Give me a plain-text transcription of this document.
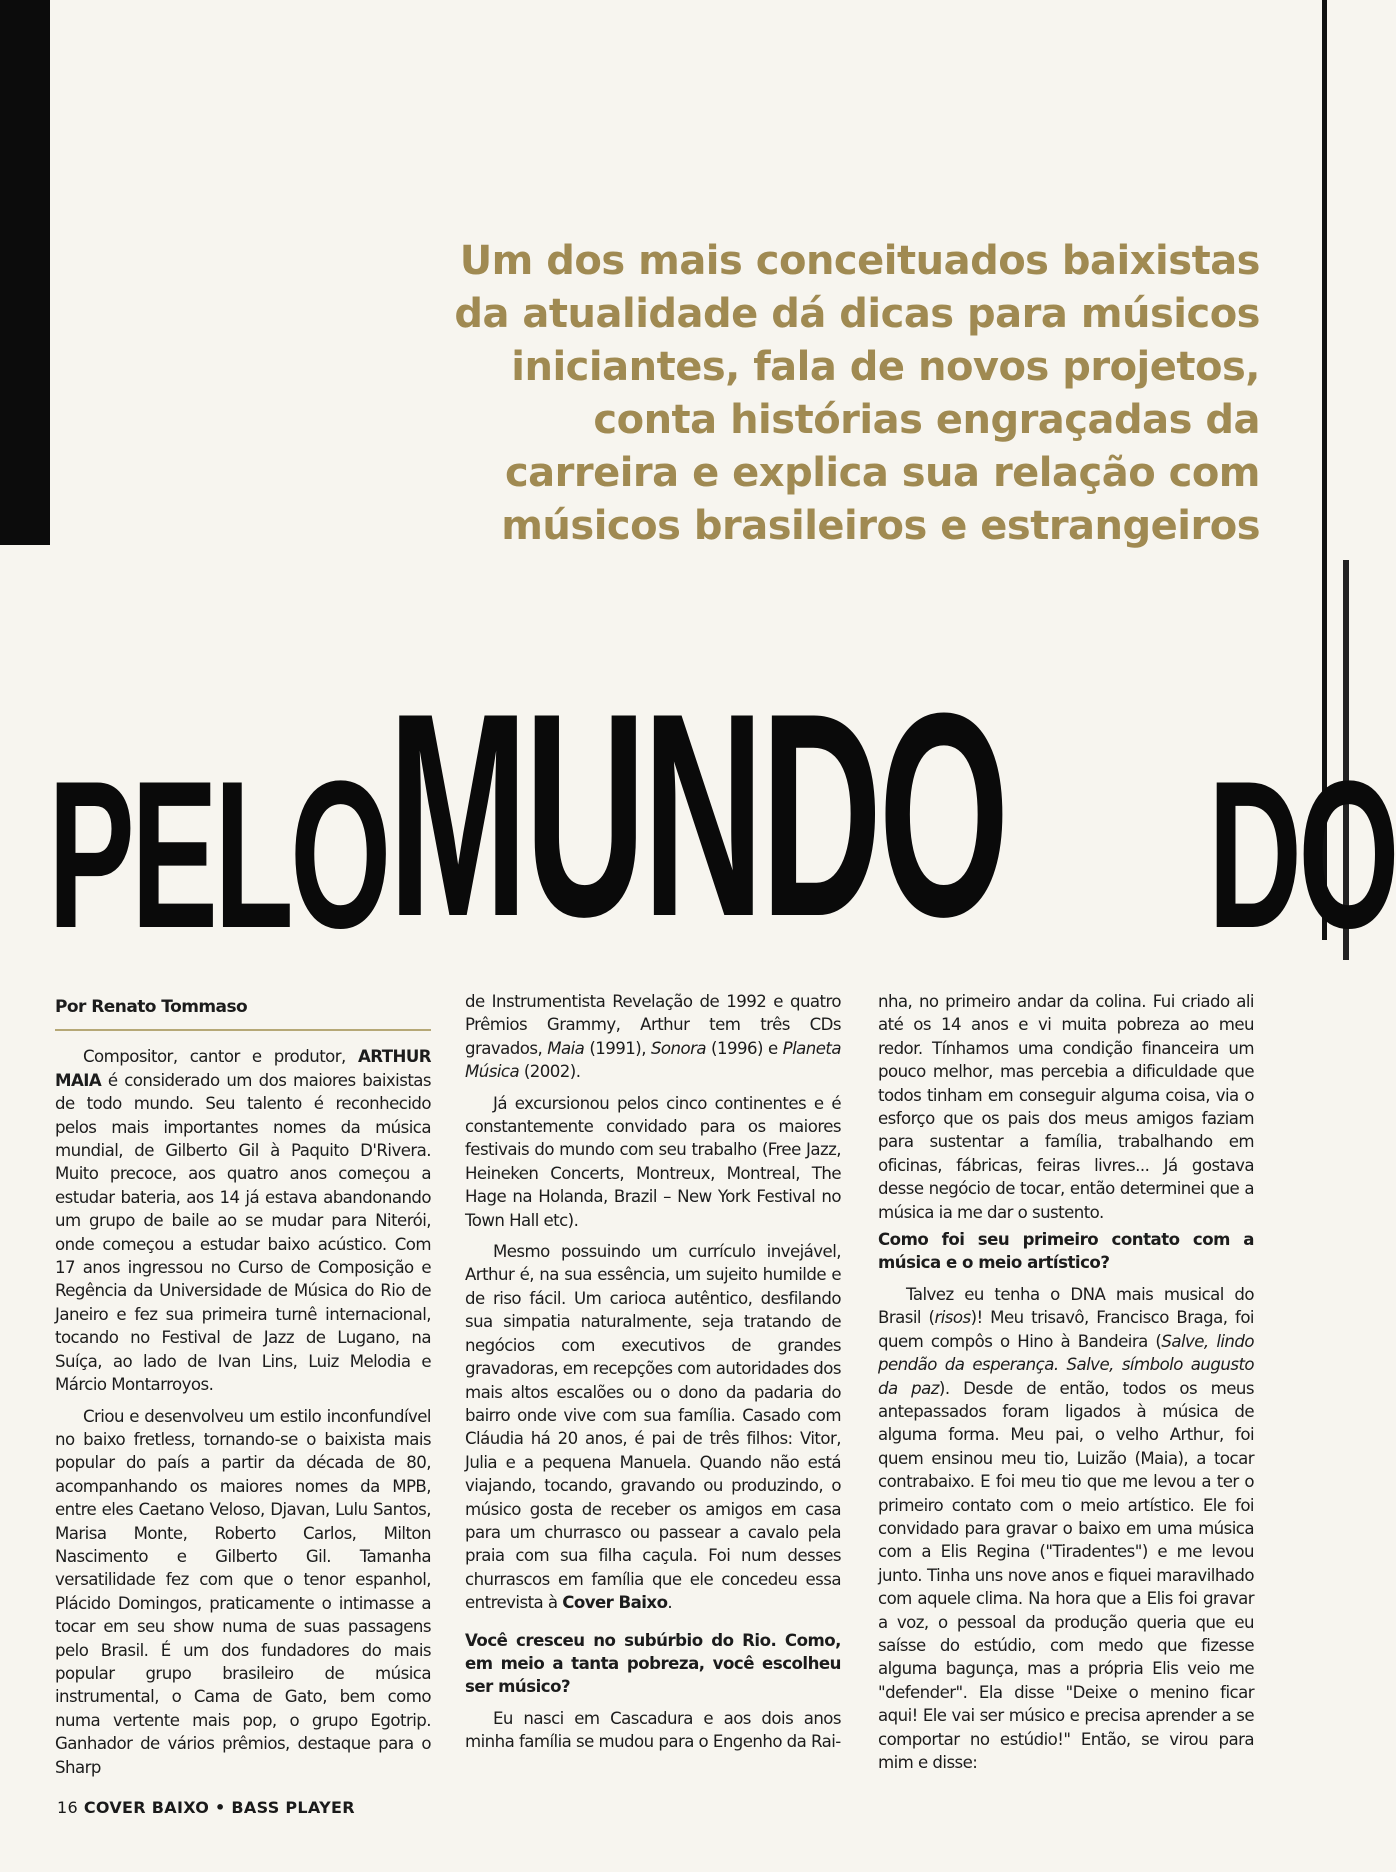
Um dos mais conceituados baixistas
da atualidade dá dicas para músicos
iniciantes, fala de novos projetos,
conta histórias engraçadas da
carreira e explica sua relação com
músicos brasileiros e estrangeiros
PELO MUNDO DO
Por Renato Tommaso

Compositor, cantor e produtor, ARTHUR MAIA é considerado um dos maiores baixistas de todo mundo. Seu talento é reconhecido pelos mais importantes nomes da música mundial, de Gilberto Gil à Paquito D'Rivera. Muito precoce, aos quatro anos começou a estudar bateria, aos 14 já estava abandonando um grupo de baile ao se mudar para Niterói, onde começou a estudar baixo acústico. Com 17 anos ingressou no Curso de Composição e Regência da Universidade de Música do Rio de Janeiro e fez sua primeira turnê internacional, tocando no Festival de Jazz de Lugano, na Suíça, ao lado de Ivan Lins, Luiz Melodia e Márcio Montarroyos.

Criou e desenvolveu um estilo inconfundível no baixo fretless, tornando-se o baixista mais popular do país a partir da década de 80, acompanhando os maiores nomes da MPB, entre eles Caetano Veloso, Djavan, Lulu Santos, Marisa Monte, Roberto Carlos, Milton Nascimento e Gilberto Gil. Tamanha versatilidade fez com que o tenor espanhol, Plácido Domingos, praticamente o intimasse a tocar em seu show numa de suas passagens pelo Brasil. É um dos fundadores do mais popular grupo brasileiro de música instrumental, o Cama de Gato, bem como numa vertente mais pop, o grupo Egotrip. Ganhador de vários prêmios, destaque para o Sharp

de Instrumentista Revelação de 1992 e quatro Prêmios Grammy, Arthur tem três CDs gravados, Maia (1991), Sonora (1996) e Planeta Música (2002).

Já excursionou pelos cinco continentes e é constantemente convidado para os maiores festivais do mundo com seu trabalho (Free Jazz, Heineken Concerts, Montreux, Montreal, The Hage na Holanda, Brazil – New York Festival no Town Hall etc).

Mesmo possuindo um currículo invejável, Arthur é, na sua essência, um sujeito humilde e de riso fácil. Um carioca autêntico, desfilando sua simpatia naturalmente, seja tratando de negócios com executivos de grandes gravadoras, em recepções com autoridades dos mais altos escalões ou o dono da padaria do bairro onde vive com sua família. Casado com Cláudia há 20 anos, é pai de três filhos: Vitor, Julia e a pequena Manuela. Quando não está viajando, tocando, gravando ou produzindo, o músico gosta de receber os amigos em casa para um churrasco ou passear a cavalo pela praia com sua filha caçula. Foi num desses churrascos em família que ele concedeu essa entrevista à Cover Baixo.

Você cresceu no subúrbio do Rio. Como, em meio a tanta pobreza, você escolheu ser músico?

Eu nasci em Cascadura e aos dois anos minha família se mudou para o Engenho da Rai-

nha, no primeiro andar da colina. Fui criado ali até os 14 anos e vi muita pobreza ao meu redor. Tínhamos uma condição financeira um pouco melhor, mas percebia a dificuldade que todos tinham em conseguir alguma coisa, via o esforço que os pais dos meus amigos faziam para sustentar a família, trabalhando em oficinas, fábricas, feiras livres... Já gostava desse negócio de tocar, então determinei que a música ia me dar o sustento.

Como foi seu primeiro contato com a música e o meio artístico?

Talvez eu tenha o DNA mais musical do Brasil (risos)! Meu trisavô, Francisco Braga, foi quem compôs o Hino à Bandeira (Salve, lindo pendão da esperança. Salve, símbolo augusto da paz). Desde de então, todos os meus antepassados foram ligados à música de alguma forma. Meu pai, o velho Arthur, foi quem ensinou meu tio, Luizão (Maia), a tocar contrabaixo. E foi meu tio que me levou a ter o primeiro contato com o meio artístico. Ele foi convidado para gravar o baixo em uma música com a Elis Regina ("Tiradentes") e me levou junto. Tinha uns nove anos e fiquei maravilhado com aquele clima. Na hora que a Elis foi gravar a voz, o pessoal da produção queria que eu saísse do estúdio, com medo que fizesse alguma bagunça, mas a própria Elis veio me "defender". Ela disse "Deixe o menino ficar aqui! Ele vai ser músico e precisa aprender a se comportar no estúdio!" Então, se virou para mim e disse:

16 COVER BAIXO • BASS PLAYER
